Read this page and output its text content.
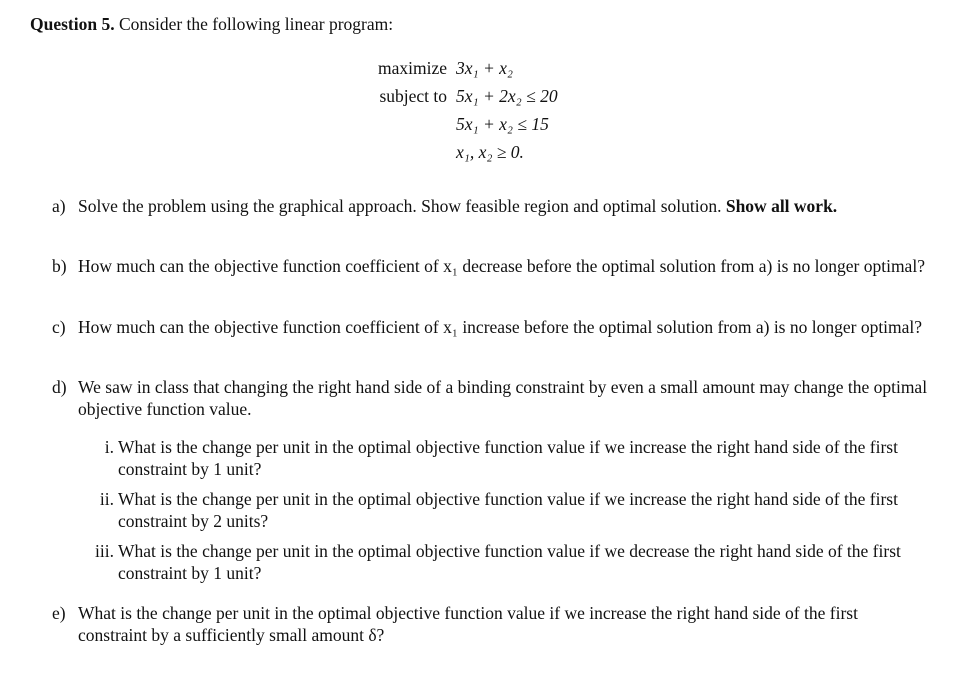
Question 5. Consider the following linear program:
maximize 3x₁ + x₂
subject to 5x₁ + 2x₂ ≤ 20
5x₁ + x₂ ≤ 15
x₁, x₂ ≥ 0.
a) Solve the problem using the graphical approach. Show feasible region and optimal solution. Show all work.
b) How much can the objective function coefficient of x₁ decrease before the optimal solution from a) is no longer optimal?
c) How much can the objective function coefficient of x₁ increase before the optimal solution from a) is no longer optimal?
d) We saw in class that changing the right hand side of a binding constraint by even a small amount may change the optimal objective function value.
i. What is the change per unit in the optimal objective function value if we increase the right hand side of the first constraint by 1 unit?
ii. What is the change per unit in the optimal objective function value if we increase the right hand side of the first constraint by 2 units?
iii. What is the change per unit in the optimal objective function value if we decrease the right hand side of the first constraint by 1 unit?
e) What is the change per unit in the optimal objective function value if we increase the right hand side of the first constraint by a sufficiently small amount δ?
